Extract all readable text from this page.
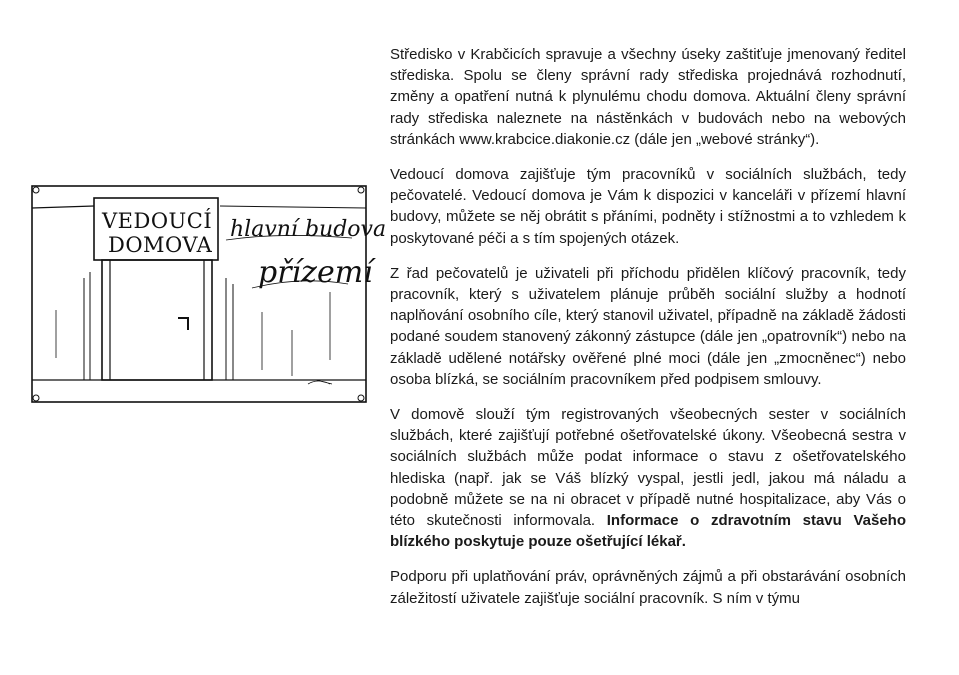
VEDOUCÍ
DOMOVA
hlavní budova
přízemí

Středisko v Krabčicích spravuje a všechny úseky zaštiťuje jmenovaný ředitel střediska. Spolu se členy správní rady střediska projednává rozhodnutí, změny a opatření nutná k plynulému chodu domova. Aktuální členy správní rady střediska naleznete na nástěnkách v budovách nebo na webových stránkách www.krabcice.diakonie.cz (dále jen „webové stránky“).

Vedoucí domova zajišťuje tým pracovníků v sociálních službách, tedy pečovatelé. Vedoucí domova je Vám k dispozici v kanceláři v přízemí hlavní budovy, můžete se něj obrátit s přáními, podněty i stížnostmi a to vzhledem k poskytované péči a s tím spojených otázek.

Z řad pečovatelů je uživateli při příchodu přidělen klíčový pracovník, tedy pracovník, který s uživatelem plánuje průběh sociální služby a hodnotí naplňování osobního cíle, který stanovil uživatel, případně na základě žádosti podané soudem stanovený zákonný zástupce (dále jen „opatrovník“) nebo na základě udělené notářsky ověřené plné moci (dále jen „zmocněnec“) nebo osoba blízká, se sociálním pracovníkem před podpisem smlouvy.

V domově slouží tým registrovaných všeobecných sester v sociálních službách, které zajišťují potřebné ošetřovatelské úkony. Všeobecná sestra v sociálních službách může podat informace o stavu z ošetřovatelského hlediska (např. jak se Váš blízký vyspal, jestli jedl, jakou má náladu a podobně můžete se na ni obracet v případě nutné hospitalizace, aby Vás o této skutečnosti informovala. Informace o zdravotním stavu Vašeho blízkého poskytuje pouze ošetřující lékař.

Podporu při uplatňování práv, oprávněných zájmů a při obstarávání osobních záležitostí uživatele zajišťuje sociální pracovník. S ním v týmu
